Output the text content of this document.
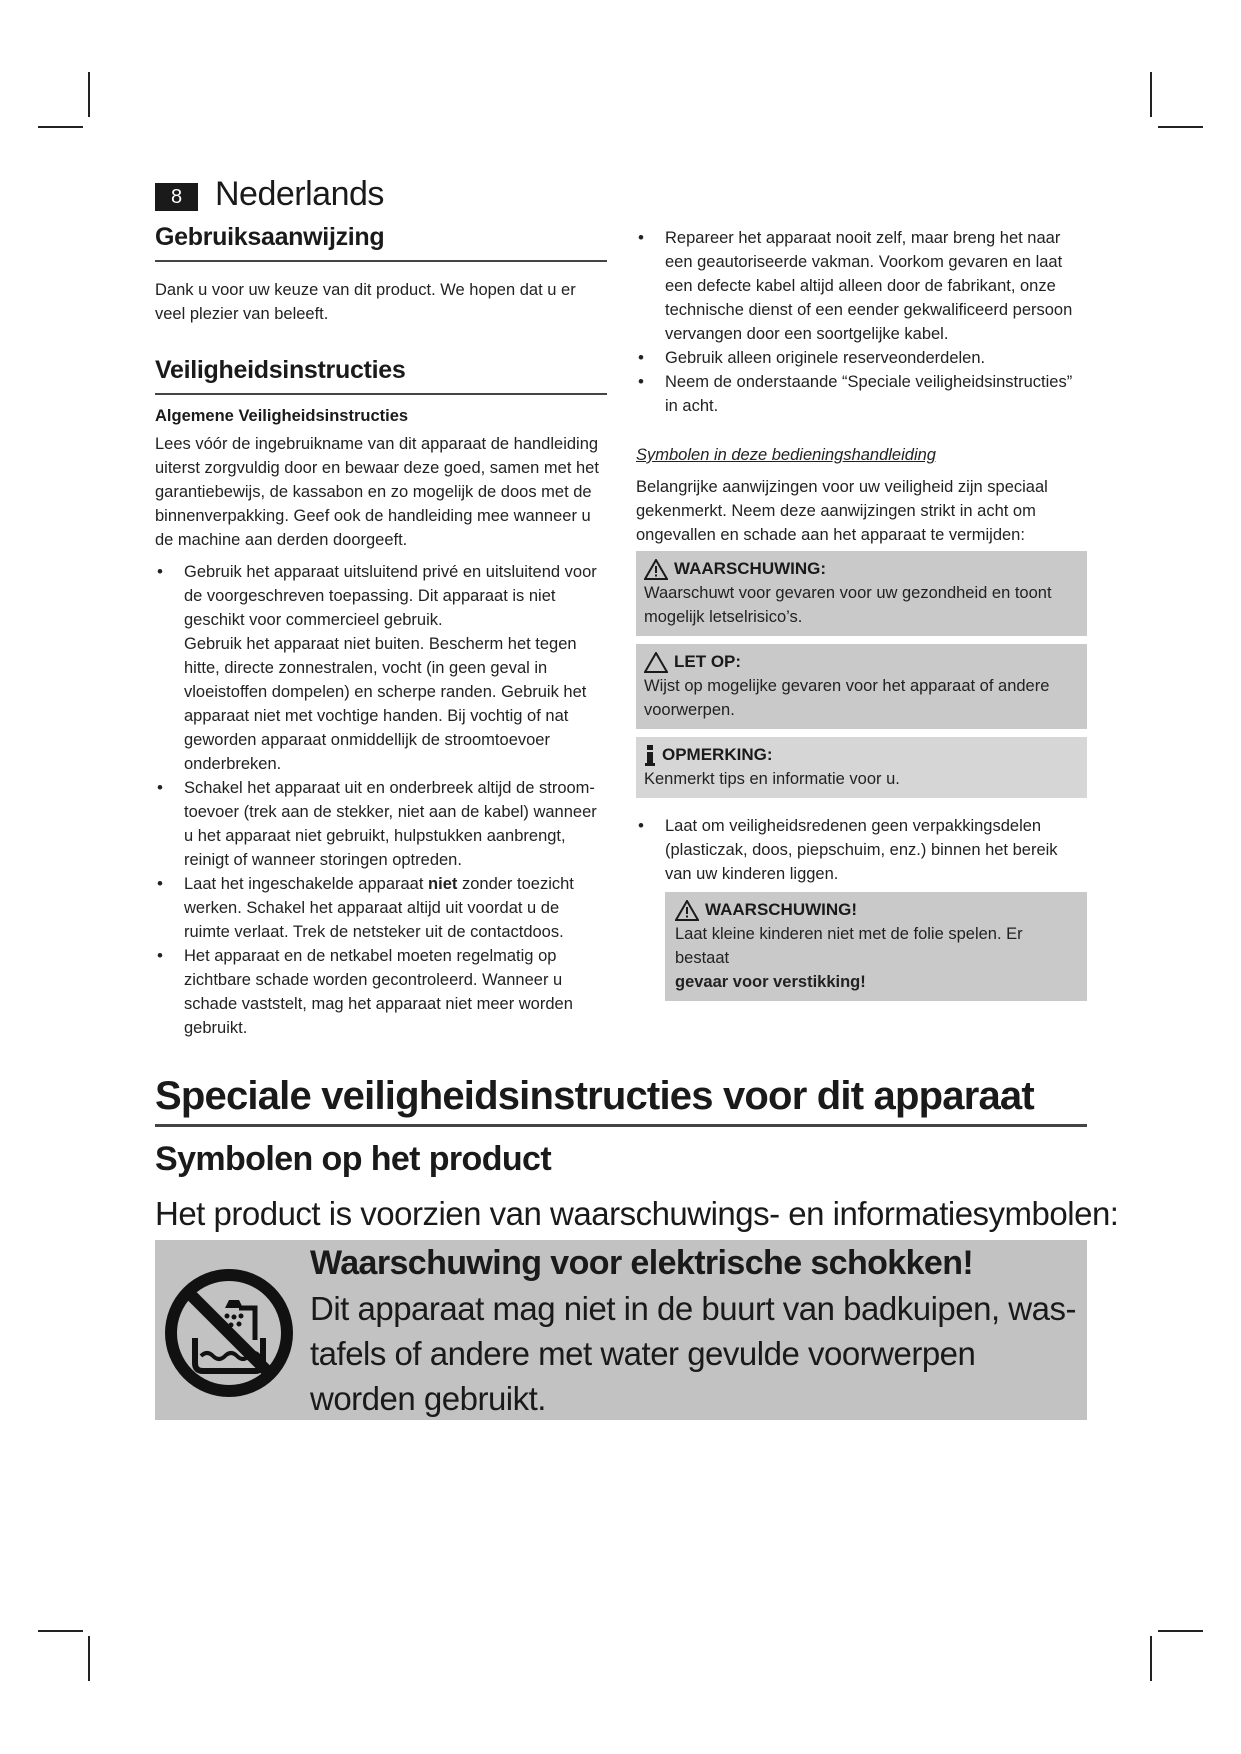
8 Nederlands
Gebruiksaanwijzing

Dank u voor uw keuze van dit product. We hopen dat u er veel plezier van beleeft.

Veiligheidsinstructies

Algemene Veiligheidsinstructies

Lees vóór de ingebruikname van dit apparaat de handleiding uiterst zorgvuldig door en bewaar deze goed, samen met het garantiebewijs, de kassabon en zo mogelijk de doos met de binnenverpakking. Geef ook de handleiding mee wanneer u de machine aan derden doorgeeft.

• Gebruik het apparaat uitsluitend privé en uitsluitend voor de voorgeschreven toepassing. Dit apparaat is niet geschikt voor commercieel gebruik.
Gebruik het apparaat niet buiten. Bescherm het tegen hitte, directe zonnestralen, vocht (in geen geval in vloeistoffen dompelen) en scherpe randen. Gebruik het apparaat niet met vochtige handen. Bij vochtig of nat geworden apparaat onmiddellijk de stroomtoevoer onderbreken.
• Schakel het apparaat uit en onderbreek altijd de stroom-toevoer (trek aan de stekker, niet aan de kabel) wanneer u het apparaat niet gebruikt, hulpstukken aanbrengt, reinigt of wanneer storingen optreden.
• Laat het ingeschakelde apparaat niet zonder toezicht werken. Schakel het apparaat altijd uit voordat u de ruimte verlaat. Trek de netsteker uit de contactdoos.
• Het apparaat en de netkabel moeten regelmatig op zichtbare schade worden gecontroleerd. Wanneer u schade vaststelt, mag het apparaat niet meer worden gebruikt.
• Repareer het apparaat nooit zelf, maar breng het naar een geautoriseerde vakman. Voorkom gevaren en laat een defecte kabel altijd alleen door de fabrikant, onze technische dienst of een eender gekwalificeerd persoon vervangen door een soortgelijke kabel.
• Gebruik alleen originele reserveonderdelen.
• Neem de onderstaande “Speciale veiligheidsinstructies” in acht.
Symbolen in deze bedieningshandleiding

Belangrijke aanwijzingen voor uw veiligheid zijn speciaal gekenmerkt. Neem deze aanwijzingen strikt in acht om ongevallen en schade aan het apparaat te vermijden:

WAARSCHUWING:
Waarschuwt voor gevaren voor uw gezondheid en toont mogelijk letselrisico’s.
LET OP:
Wijst op mogelijke gevaren voor het apparaat of andere voorwerpen.
OPMERKING:
Kenmerkt tips en informatie voor u.
• Laat om veiligheidsredenen geen verpakkingsdelen (plasticzak, doos, piepschuim, enz.) binnen het bereik van uw kinderen liggen.
WAARSCHUWING!
Laat kleine kinderen niet met de folie spelen. Er bestaat
gevaar voor verstikking!
Speciale veiligheidsinstructies voor dit apparaat
Symbolen op het product
Het product is voorzien van waarschuwings- en informatiesymbolen:
Waarschuwing voor elektrische schokken!
Dit apparaat mag niet in de buurt van badkuipen, was-tafels of andere met water gevulde voorwerpen worden gebruikt.
